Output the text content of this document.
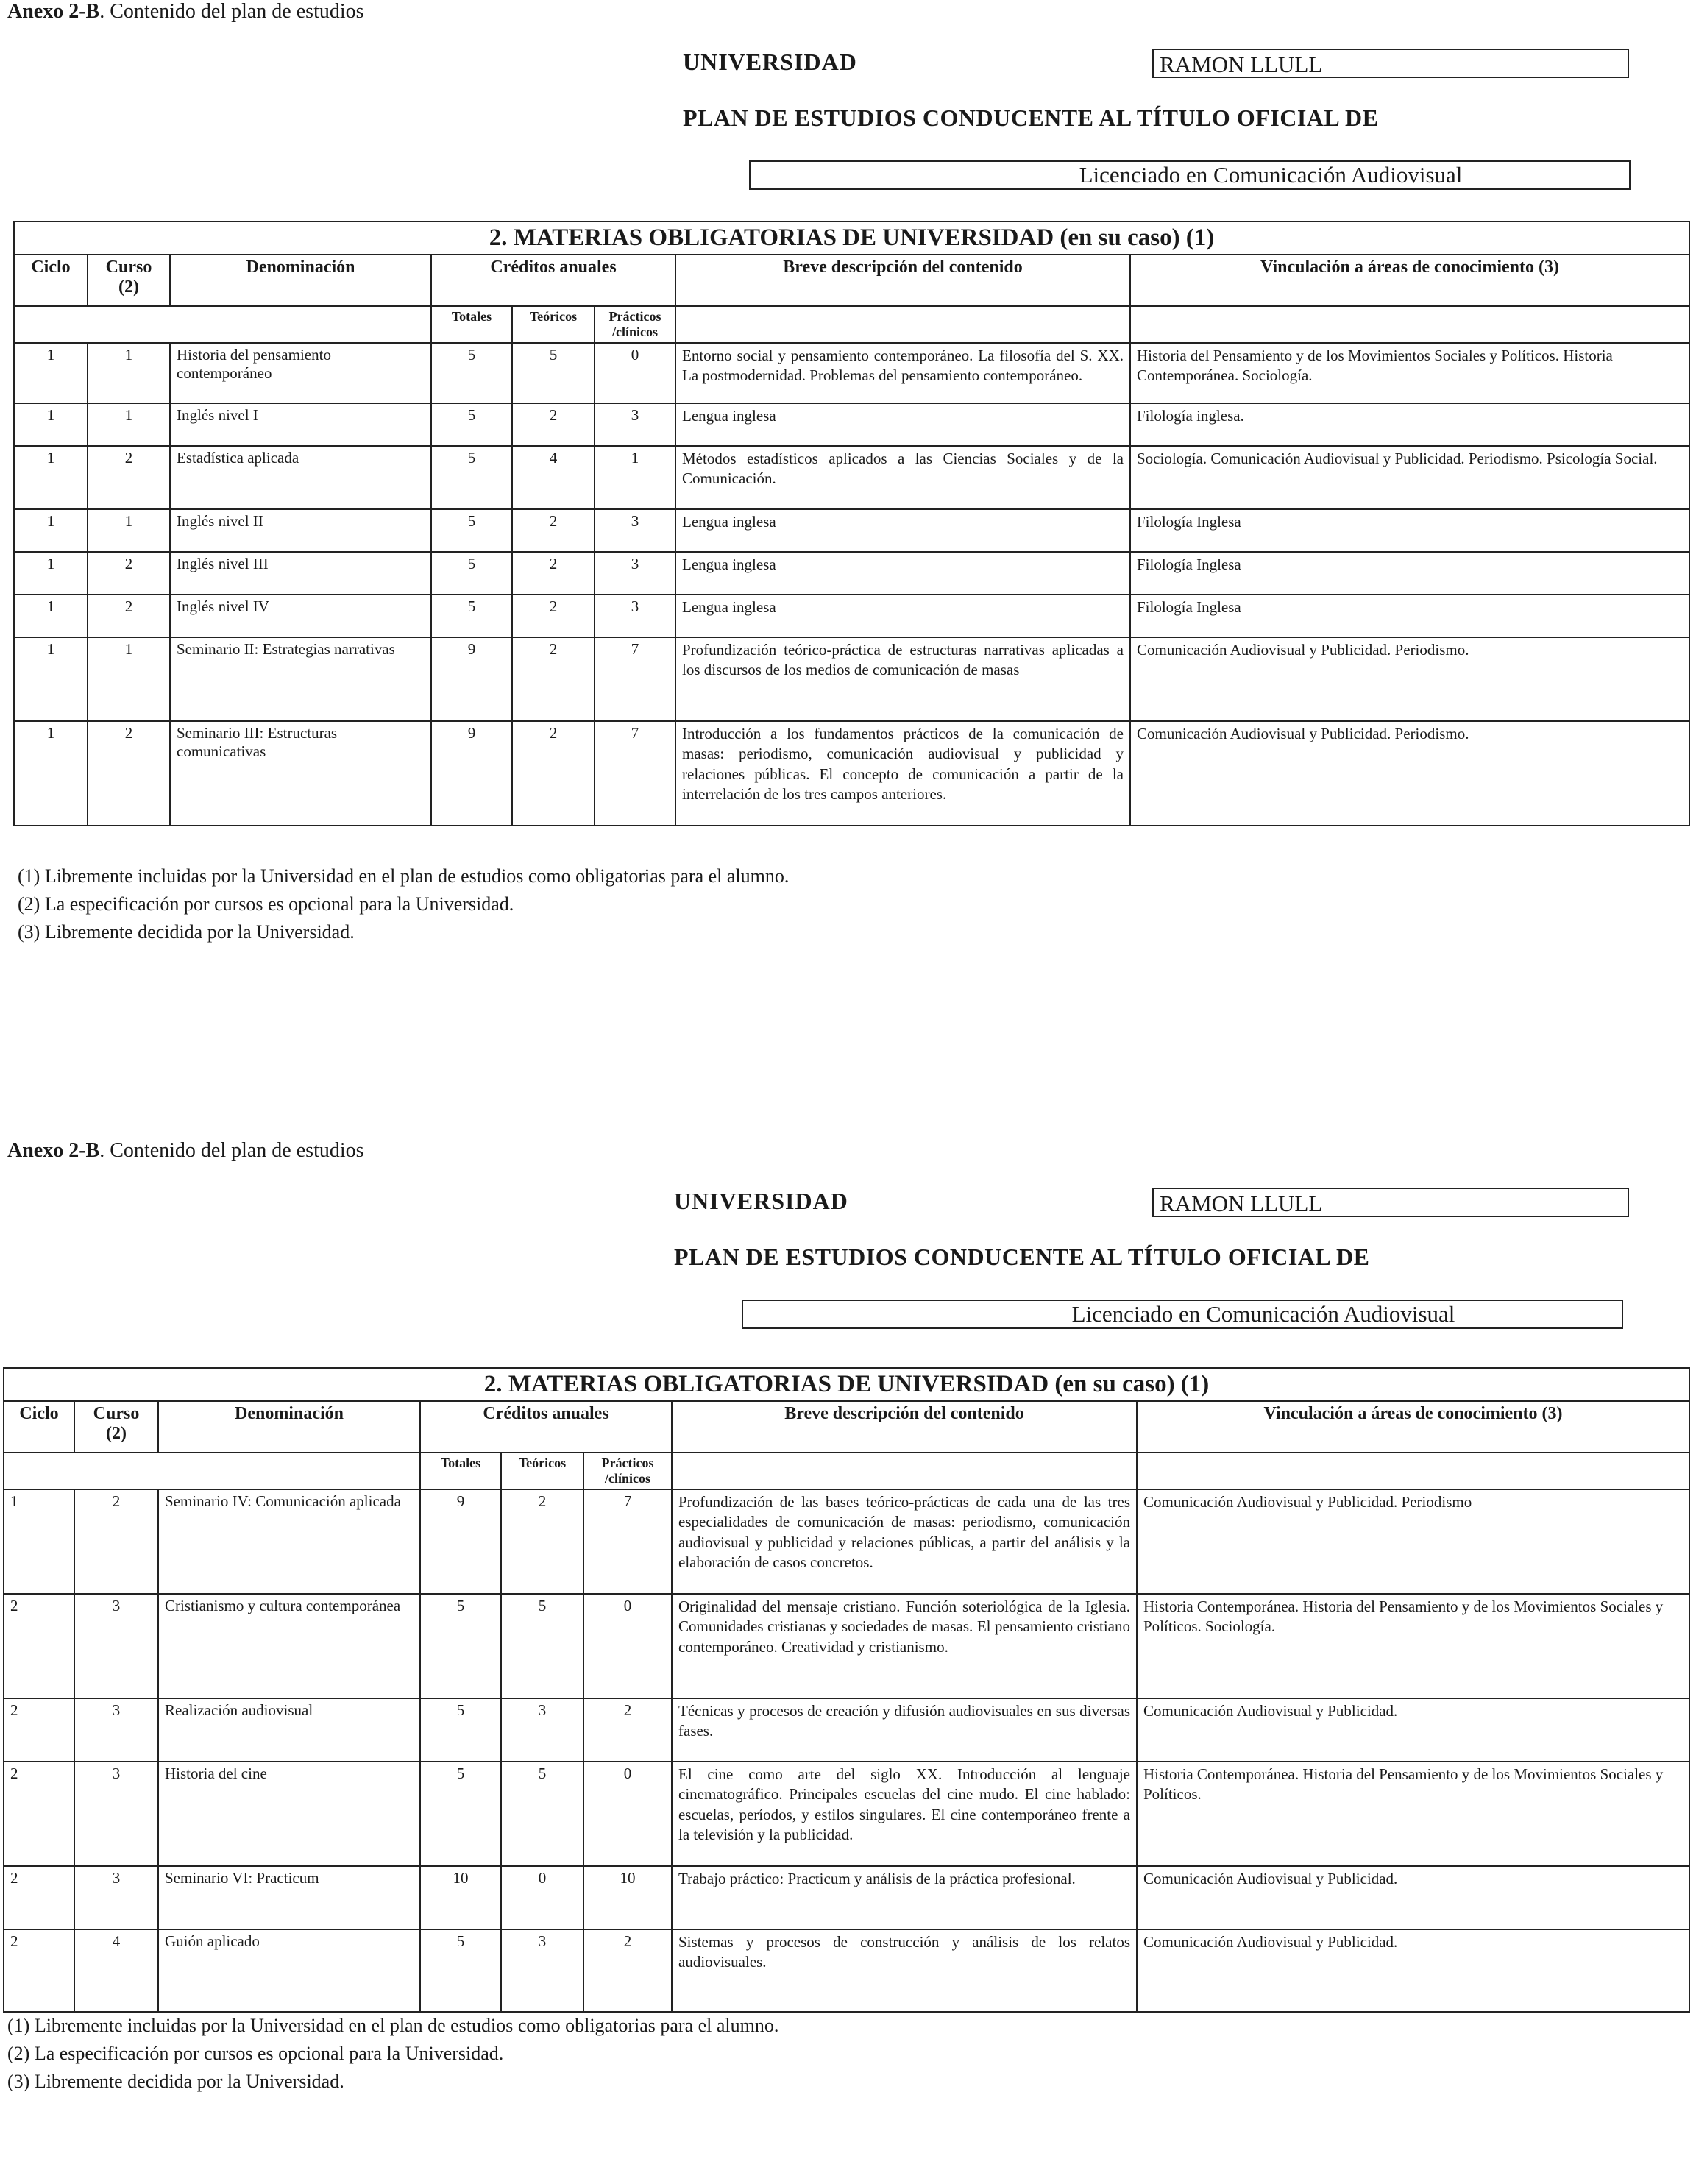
Anexo 2-B. Contenido del plan de estudios
UNIVERSIDAD	RAMON LLULL
PLAN DE ESTUDIOS CONDUCENTE AL TÍTULO OFICIAL DE
Licenciado en Comunicación Audiovisual
2. MATERIAS OBLIGATORIAS DE UNIVERSIDAD (en su caso) (1)							
Ciclo	Curso (2)	Denominación	Créditos anuales			Breve descripción del contenido	Vinculación a áreas de conocimiento (3)
			Totales	Teóricos	Prácticos /clínicos		
1	1	Historia del pensamiento contemporáneo	5	5	0	Entorno social y pensamiento contemporáneo. La filosofía del S. XX. La postmodernidad. Problemas del pensamiento contemporáneo.	Historia del Pensamiento y de los Movimientos Sociales y Políticos. Historia Contemporánea. Sociología.
1	1	Inglés nivel I	5	2	3	Lengua inglesa	Filología inglesa.
1	2	Estadística aplicada	5	4	1	Métodos estadísticos aplicados a las Ciencias Sociales y de la Comunicación.	Sociología. Comunicación Audiovisual y Publicidad. Periodismo. Psicología Social.
1	1	Inglés nivel II	5	2	3	Lengua inglesa	Filología Inglesa
1	2	Inglés nivel III	5	2	3	Lengua inglesa	Filología Inglesa
1	2	Inglés nivel IV	5	2	3	Lengua inglesa	Filología Inglesa
1	1	Seminario II: Estrategias narrativas	9	2	7	Profundización teórico-práctica de estructuras narrativas aplicadas a los discursos de los medios de comunicación de masas	Comunicación Audiovisual y Publicidad. Periodismo.
1	2	Seminario III: Estructuras comunicativas	9	2	7	Introducción a los fundamentos prácticos de la comunicación de masas: periodismo, comunicación audiovisual y publicidad y relaciones públicas. El concepto de comunicación a partir de la interrelación de los tres campos anteriores.	Comunicación Audiovisual y Publicidad. Periodismo.
(1) Libremente incluidas por la Universidad en el plan de estudios como obligatorias para el alumno.
(2) La especificación por cursos es opcional para la Universidad.
(3) Libremente decidida por la Universidad.
Anexo 2-B. Contenido del plan de estudios
UNIVERSIDAD	RAMON LLULL
PLAN DE ESTUDIOS CONDUCENTE AL TÍTULO OFICIAL DE
Licenciado en Comunicación Audiovisual
2. MATERIAS OBLIGATORIAS DE UNIVERSIDAD (en su caso) (1)							
Ciclo	Curso (2)	Denominación	Créditos anuales			Breve descripción del contenido	Vinculación a áreas de conocimiento (3)
			Totales	Teóricos	Prácticos /clínicos		
1	2	Seminario IV: Comunicación aplicada	9	2	7	Profundización de las bases teórico-prácticas de cada una de las tres especialidades de comunicación de masas: periodismo, comunicación audiovisual y publicidad y relaciones públicas, a partir del análisis y la elaboración de casos concretos.	Comunicación Audiovisual y Publicidad. Periodismo
2	3	Cristianismo y cultura contemporánea	5	5	0	Originalidad del mensaje cristiano. Función soteriológica de la Iglesia. Comunidades cristianas y sociedades de masas. El pensamiento cristiano contemporáneo. Creatividad y cristianismo.	Historia Contemporánea. Historia del Pensamiento y de los Movimientos Sociales y Políticos. Sociología.
2	3	Realización audiovisual	5	3	2	Técnicas y procesos de creación y difusión audiovisuales en sus diversas fases.	Comunicación Audiovisual y Publicidad.
2	3	Historia del cine	5	5	0	El cine como arte del siglo XX. Introducción al lenguaje cinematográfico. Principales escuelas del cine mudo. El cine hablado: escuelas, períodos, y estilos singulares. El cine contemporáneo frente a la televisión y la publicidad.	Historia Contemporánea. Historia del Pensamiento y de los Movimientos Sociales y Políticos.
2	3	Seminario VI: Practicum	10	0	10	Trabajo práctico: Practicum y análisis de la práctica profesional.	Comunicación Audiovisual y Publicidad.
2	4	Guión aplicado	5	3	2	Sistemas y procesos de construcción y análisis de los relatos audiovisuales.	Comunicación Audiovisual y Publicidad.
(1) Libremente incluidas por la Universidad en el plan de estudios como obligatorias para el alumno.
(2) La especificación por cursos es opcional para la Universidad.
(3) Libremente decidida por la Universidad.
